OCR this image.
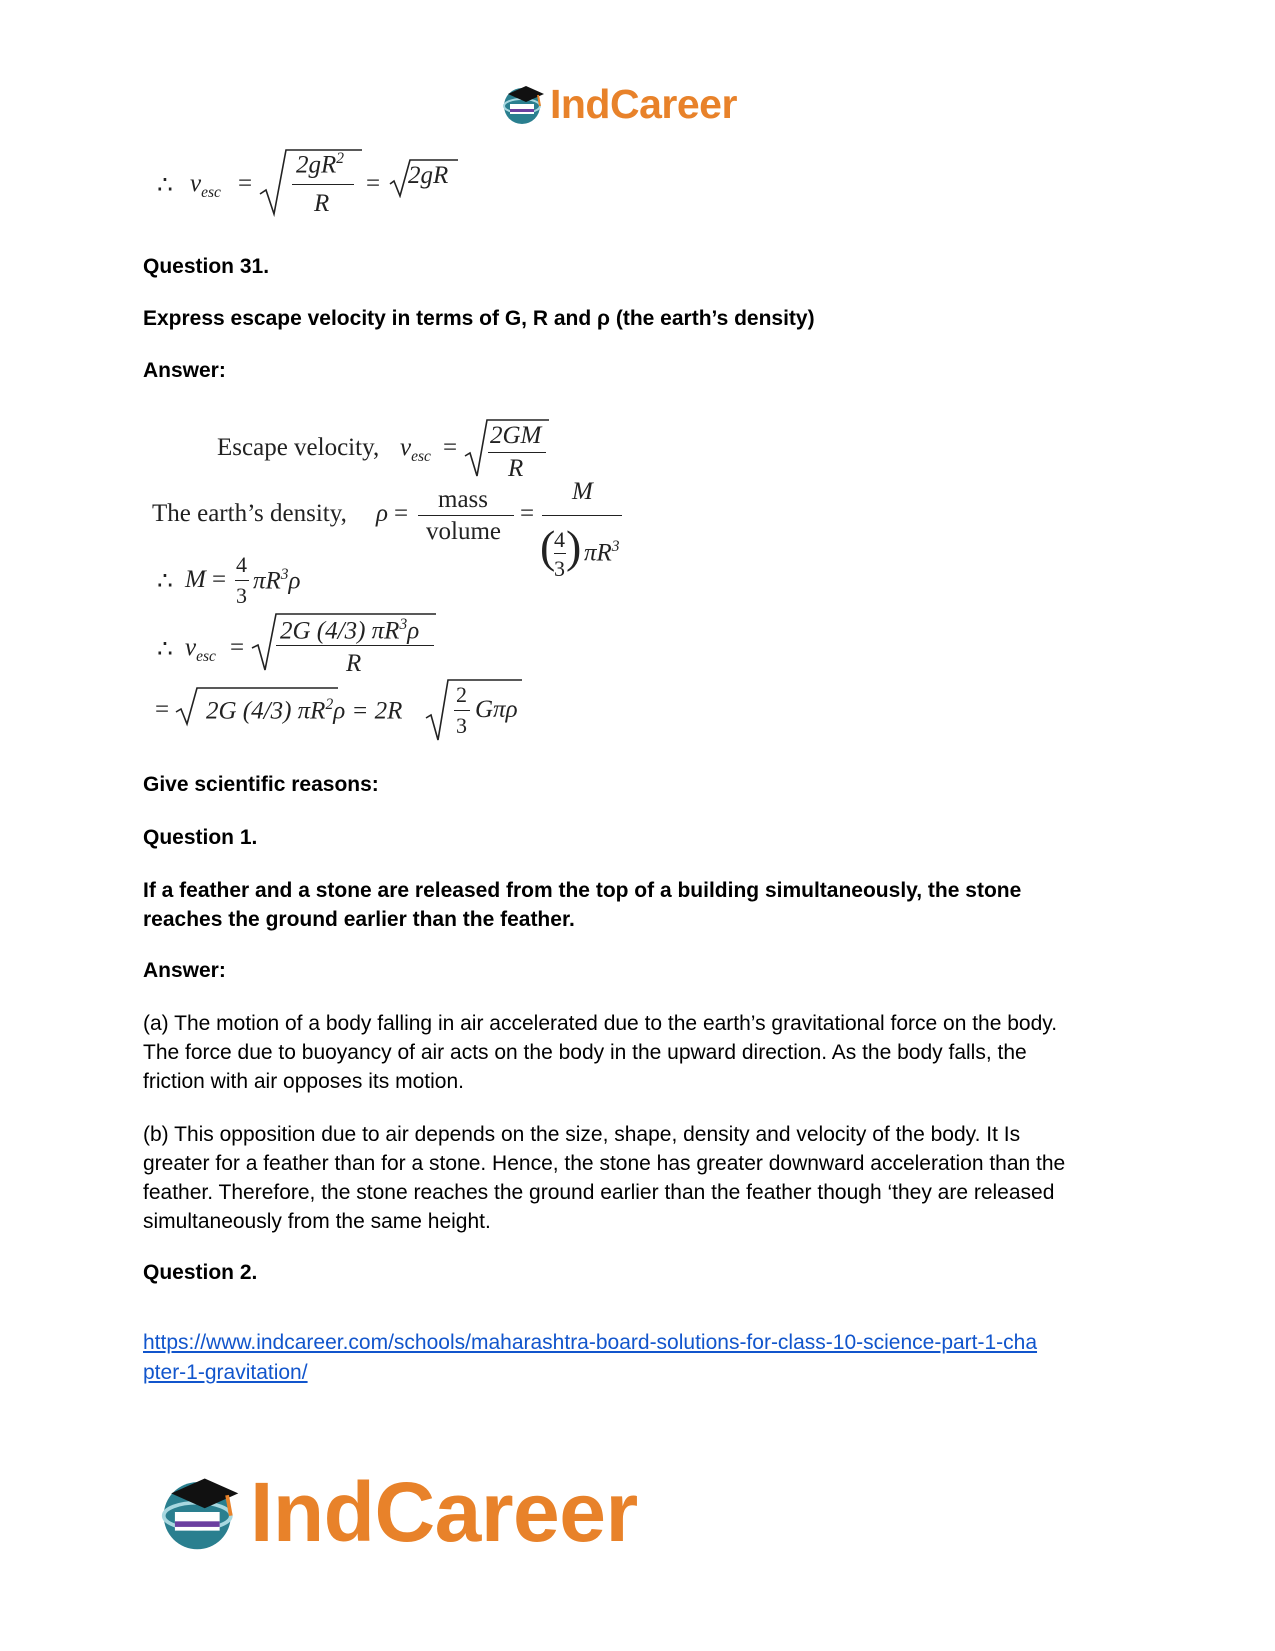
IndCareer
∴ $v_{esc}$ =
$2gR^2$
R
= 2gR
Question 31.
Express escape velocity in terms of G, R and ρ (the earth’s density)
Answer:
Escape velocity, $v_{esc} = 2GM$
R
The earth’s density, ρ =
mass
volume
=
M
(
4
3 ) $\pi R^3$
∴ M =
4
3
$\pi R^3\rho$
∴ $v_{esc}$ =
2G (4/3) $\pi R^3\rho$
R
= 2G (4/3) $\pi R^2\rho = 2R$
2
3
Gπρ
Give scientific reasons:
Question 1.
If a feather and a stone are released from the top of a building simultaneously, the stone reaches the ground earlier than the feather.
Answer:
(a) The motion of a body falling in air accelerated due to the earth’s gravitational force on the body. The force due to buoyancy of air acts on the body in the upward direction. As the body falls, the friction with air opposes its motion.
(b) This opposition due to air depends on the size, shape, density and velocity of the body. It Is greater for a feather than for a stone. Hence, the stone has greater downward acceleration than the feather. Therefore, the stone reaches the ground earlier than the feather though ‘they are released simultaneously from the same height.
Question 2.
https://www.indcareer.com/schools/maharashtra-board-solutions-for-class-10-science-part-1-cha
pter-1-gravitation/
IndCareer
